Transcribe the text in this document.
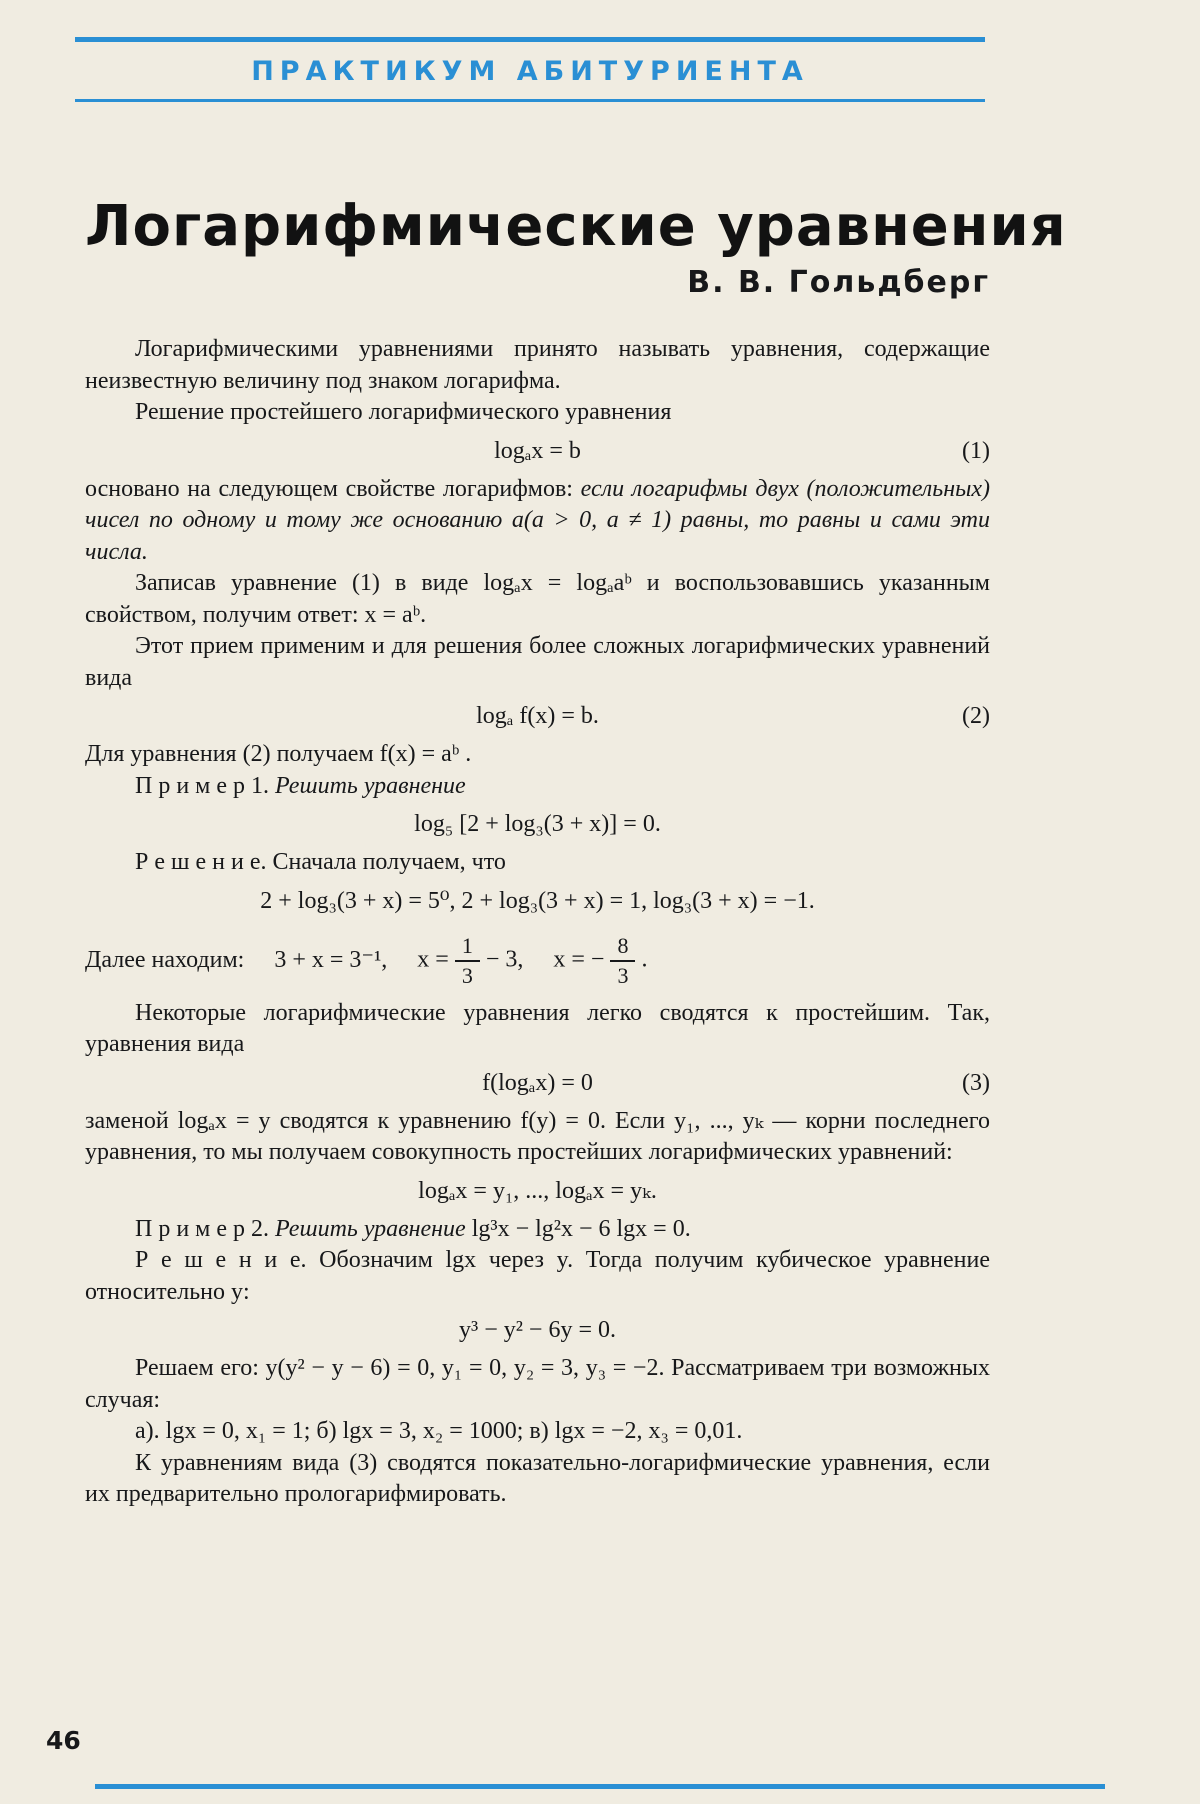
ПРАКТИКУМ АБИТУРИЕНТА
Логарифмические уравнения
В. В. Гольдберг

Логарифмическими уравнениями принято называть уравнения, содержащие неизвестную величину под знаком логарифма.

Решение простейшего логарифмического уравнения

logₐx = b	(1)

основано на следующем свойстве логарифмов: если логарифмы двух (положительных) чисел по одному и тому же основанию a(a > 0, a ≠ 1) равны, то равны и сами эти числа.

Записав уравнение (1) в виде logₐx = logₐaᵇ и воспользовавшись указанным свойством, получим ответ: x = aᵇ.

Этот прием применим и для решения более сложных логарифмических уравнений вида

logₐ f(x) = b.	(2)

Для уравнения (2) получаем f(x) = aᵇ .

П р и м е р 1. Решить уравнение

log₅ [2 + log₃(3 + x)] = 0.

Р е ш е н и е. Сначала получаем, что

2 + log₃(3 + x) = 5⁰, 2 + log₃(3 + x) = 1, log₃(3 + x) = −1.
Далее находим: 3 + x = 3⁻¹, $x = \frac{1}{3} - 3$, x = − $\frac{8}{3}$ .

Некоторые логарифмические уравнения легко сводятся к простейшим. Так, уравнения вида

f(logₐx) = 0	(3)

заменой logₐx = y сводятся к уравнению f(y) = 0. Если y₁, ..., yₖ — корни последнего уравнения, то мы получаем совокупность простейших логарифмических уравнений:

logₐx = y₁, ..., logₐx = yₖ.

П р и м е р 2. Решить уравнение lg³x − lg²x − 6 lgx = 0.

Р е ш е н и е. Обозначим lgx через y. Тогда получим кубическое уравнение относительно y:

y³ − y² − 6y = 0.

Решаем его: y(y² − y − 6) = 0, y₁ = 0, y₂ = 3, y₃ = −2. Рассматриваем три возможных случая:

а). lgx = 0, x₁ = 1; б) lgx = 3, x₂ = 1000; в) lgx = −2, x₃ = 0,01.

К уравнениям вида (3) сводятся показательно-логарифмические уравнения, если их предварительно прологарифмировать.

46
